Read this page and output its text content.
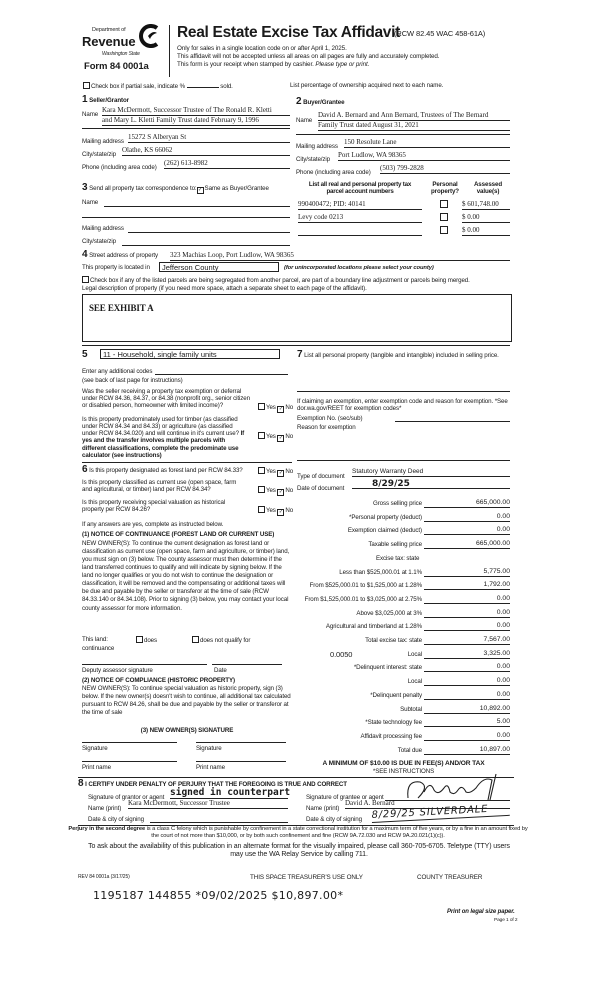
Department of
Revenue
Washington State
Form 84 0001a
Real Estate Excise Tax Affidavit
(RCW 82.45 WAC 458-61A)
Only for sales in a single location code on or after April 1, 2025.
This affidavit will not be accepted unless all areas on all pages are fully and accurately completed.
This form is your receipt when stamped by cashier. Please type or print.
Check box if partial sale, indicate %	sold.	List percentage of ownership acquired next to each name.
1 Seller/Grantor
Name
Kara McDermott, Successor Trustee of The Ronald R. Kletti
and Mary L. Kletti Family Trust dated February 9, 1996
Mailing address
15272 S Alberyan St
City/state/zip
Olathe, KS 66062
Phone (including area code)
(262) 613-8982
2 Buyer/Grantee
Name
David A. Bernard and Ann Bernard, Trustees of The Bernard
Family Trust dated August 31, 2021
Mailing address
150 Resolute Lane
City/state/zip
Port Ludlow, WA 98365
Phone (including area code)
(503) 799-2828
3 Send all property tax correspondence to:✓ Same as Buyer/Grantee
Name
Mailing address
City/state/zip
List all real and personal property tax
parcel account numbers
Personal
property?
Assessed
value(s)
990400472; PID: 40141	$ 601,748.00
Levy code 0213	$ 0.00
$ 0.00
4 Street address of property 323 Machias Loop, Port Ludlow, WA 98365
This property is located in	Jefferson County	(for unincorporated locations please select your county)
Check box if any of the listed parcels are being segregated from another parcel, are part of a boundary line adjustment or parcels being merged.
Legal description of property (if you need more space, attach a separate sheet to each page of the affidavit).
SEE EXHIBIT A
5	11 - Household, single family units
Enter any additional codes
(see back of last page for instructions)
Was the seller receiving a property tax exemption or deferral under RCW 84.36, 84.37, or 84.38 (nonprofit org., senior citizen or disabled person, homeowner with limited income)?	Yes ✓ No
Is this property predominately used for timber (as classified under RCW 84.34 and 84.33) or agriculture (as classified under RCW 84.34.020) and will continue in it's current use? If yes and the transfer involves multiple parcels with different classifications, complete the predominate use calculator (see instructions)
Yes ✓ No
6 Is this property designated as forest land per RCW 84.33?	Yes ✓ No
Is this property classified as current use (open space, farm and agricultural, or timber) land per RCW 84.34?	Yes ✓ No
Is this property receiving special valuation as historical property per RCW 84.26?	Yes ✓ No
If any answers are yes, complete as instructed below.
(1) NOTICE OF CONTINUANCE (FOREST LAND OR CURRENT USE)
NEW OWNER(S): To continue the current designation as forest land or classification as current use (open space, farm and agriculture, or timber) land, you must sign on (3) below. The county assessor must then determine if the land transferred continues to qualify and will indicate by signing below. If the land no longer qualifies or you do not wish to continue the designation or classification, it will be removed and the compensating or additional taxes will be due and payable by the seller or transferor at the time of sale (RCW 84.33.140 or 84.34.108). Prior to signing (3) below, you may contact your local county assessor for more information.
This land:	does	does not qualify for
continuance
Deputy assessor signature	Date
(2) NOTICE OF COMPLIANCE (HISTORIC PROPERTY)
NEW OWNER(S): To continue special valuation as historic property, sign (3) below. If the new owner(s) doesn't wish to continue, all additional tax calculated pursuant to RCW 84.26, shall be due and payable by the seller or transferor at the time of sale
(3) NEW OWNER(S) SIGNATURE
Signature	Signature
Print name	Print name
7 List all personal property (tangible and intangible) included in selling price.
If claiming an exemption, enter exemption code and reason for exemption. *See dor.wa.gov/REET for exemption codes*
Exemption No. (sec/sub)
Reason for exemption
Type of document
Statutory Warranty Deed
Date of document	8/29/25
Gross selling price	665,000.00
*Personal property (deduct)	0.00
Exemption claimed (deduct)	0.00
Taxable selling price	665,000.00
Excise tax: state
Less than $525,000.01 at 1.1%	5,775.00
From $525,000.01 to $1,525,000 at 1.28%	1,792.00
From $1,525,000.01 to $3,025,000 at 2.75%	0.00
Above $3,025,000 at 3%	0.00
Agricultural and timberland at 1.28%	0.00
Total excise tax: state	7,567.00
Local	3,325.00
*Delinquent interest: state	0.00
Local	0.00
*Delinquent penalty	0.00
Subtotal	10,892.00
*State technology fee	5.00
Affidavit processing fee	0.00
Total due	10,897.00
0.0050
A MINIMUM OF $10.00 IS DUE IN FEE(S) AND/OR TAX
*SEE INSTRUCTIONS
8 I CERTIFY UNDER PENALTY OF PERJURY THAT THE FOREGOING IS TRUE AND CORRECT
Signature of grantor or agent signed in counterpart
Name (print)
Kara McDermott, Successor Trustee
Date & city of signing
Signature of grantee or agent
Name (print)
David A. Bernard
Date & city of signing 8/29/25 SILVERDALE
Perjury in the second degree is a class C felony which is punishable by confinement in a state correctional institution for a maximum term of five years, or by a fine in an amount fixed by the court of not more than $10,000, or by both such confinement and fine (RCW 9A.72.030 and RCW 9A.20.021(1)(c)).
To ask about the availability of this publication in an alternate format for the visually impaired, please call 360-705-6705. Teletype (TTY) users may use the WA Relay Service by calling 711.
REV 84 0001a (3/17/25)	THIS SPACE TREASURER'S USE ONLY	COUNTY TREASURER
1195187 144855 *09/02/2025 $10,897.00*
Print on legal size paper.
Page 1 of 2
